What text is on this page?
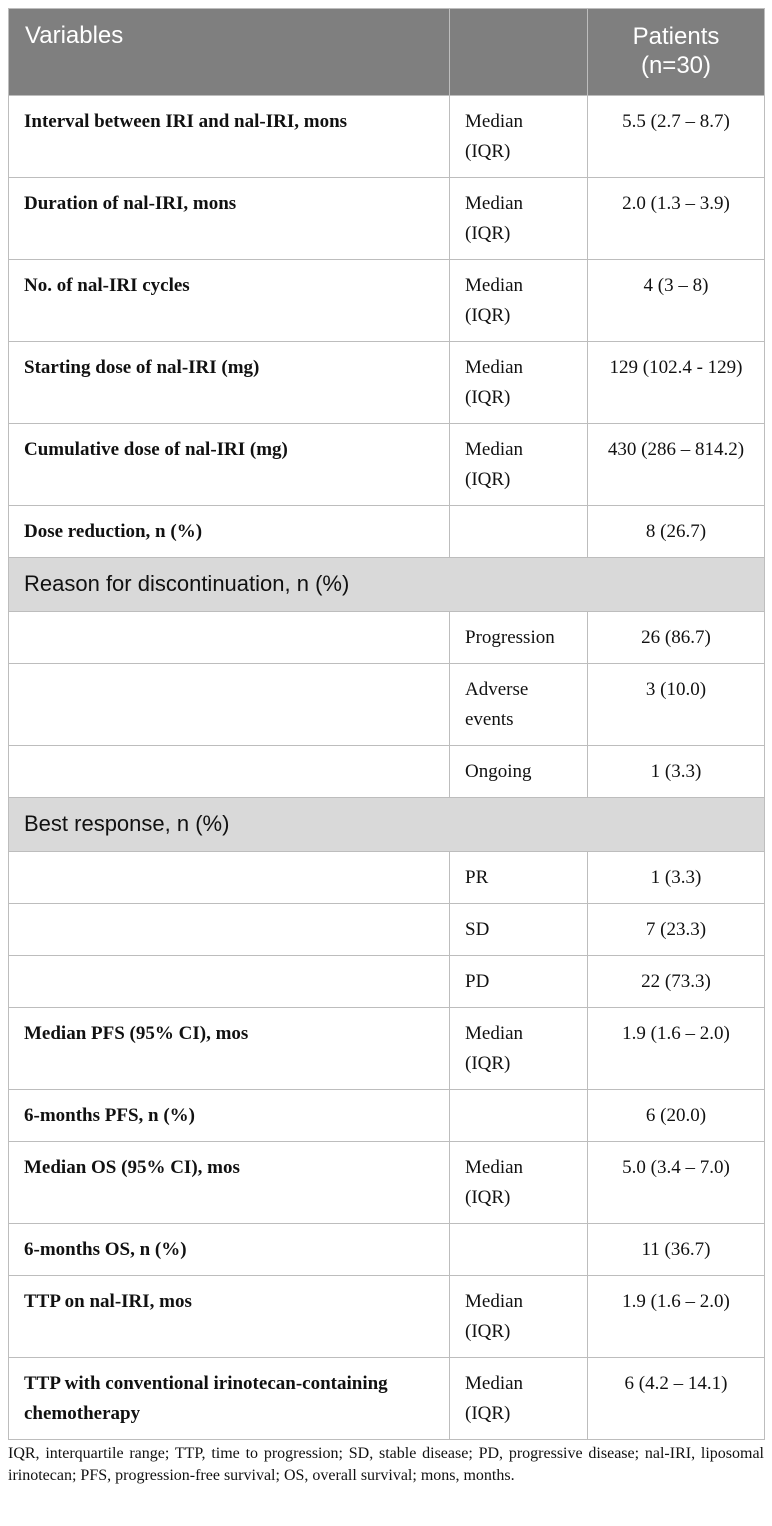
Variables		Patients (n=30)
Interval between IRI and nal-IRI, mons	Median (IQR)	5.5 (2.7 – 8.7)
Duration of nal-IRI, mons	Median (IQR)	2.0 (1.3 – 3.9)
No. of nal-IRI cycles	Median (IQR)	4 (3 – 8)
Starting dose of nal-IRI (mg)	Median (IQR)	129 (102.4 - 129)
Cumulative dose of nal-IRI (mg)	Median (IQR)	430 (286 – 814.2)
Dose reduction, n (%)		8 (26.7)
Reason for discontinuation, n (%)		
	Progression	26 (86.7)
	Adverse events	3 (10.0)
	Ongoing	1 (3.3)
Best response, n (%)		
	PR	1 (3.3)
	SD	7 (23.3)
	PD	22 (73.3)
Median PFS (95% CI), mos	Median (IQR)	1.9 (1.6 – 2.0)
6-months PFS, n (%)		6 (20.0)
Median OS (95% CI), mos	Median (IQR)	5.0 (3.4 – 7.0)
6-months OS, n (%)		11 (36.7)
TTP on nal-IRI, mos	Median (IQR)	1.9 (1.6 – 2.0)
TTP with conventional irinotecan-containing chemotherapy	Median (IQR)	6 (4.2 – 14.1)
IQR, interquartile range; TTP, time to progression; SD, stable disease; PD, progressive disease; nal-IRI, liposomal irinotecan; PFS, progression-free survival; OS, overall survival; mons, months.
